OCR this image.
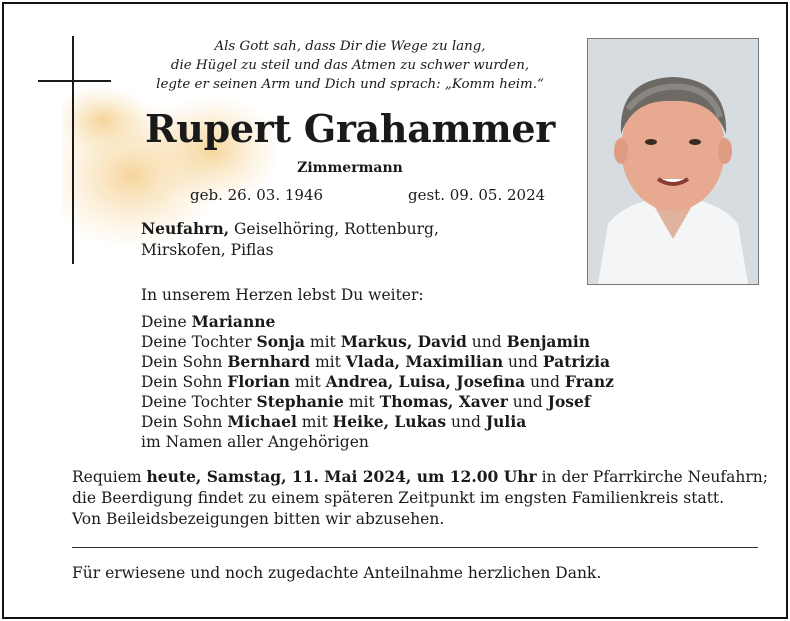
Als Gott sah, dass Dir die Wege zu lang,
die Hügel zu steil und das Atmen zu schwer wurden,
legte er seinen Arm und Dich und sprach: „Komm heim.“
Rupert Grahammer
Zimmermann
geb. 26. 03. 1946	gest. 09. 05. 2024
Neufahrn, Geiselhöring, Rottenburg,
Mirskofen, Piflas
In unserem Herzen lebst Du weiter:
Deine Marianne
Deine Tochter Sonja mit Markus, David und Benjamin
Dein Sohn Bernhard mit Vlada, Maximilian und Patrizia
Dein Sohn Florian mit Andrea, Luisa, Josefina und Franz
Deine Tochter Stephanie mit Thomas, Xaver und Josef
Dein Sohn Michael mit Heike, Lukas und Julia
im Namen aller Angehörigen
Requiem heute, Samstag, 11. Mai 2024, um 12.00 Uhr in der Pfarrkirche Neufahrn;
die Beerdigung findet zu einem späteren Zeitpunkt im engsten Familienkreis statt.
Von Beileidsbezeigungen bitten wir abzusehen.
Für erwiesene und noch zugedachte Anteilnahme herzlichen Dank.
